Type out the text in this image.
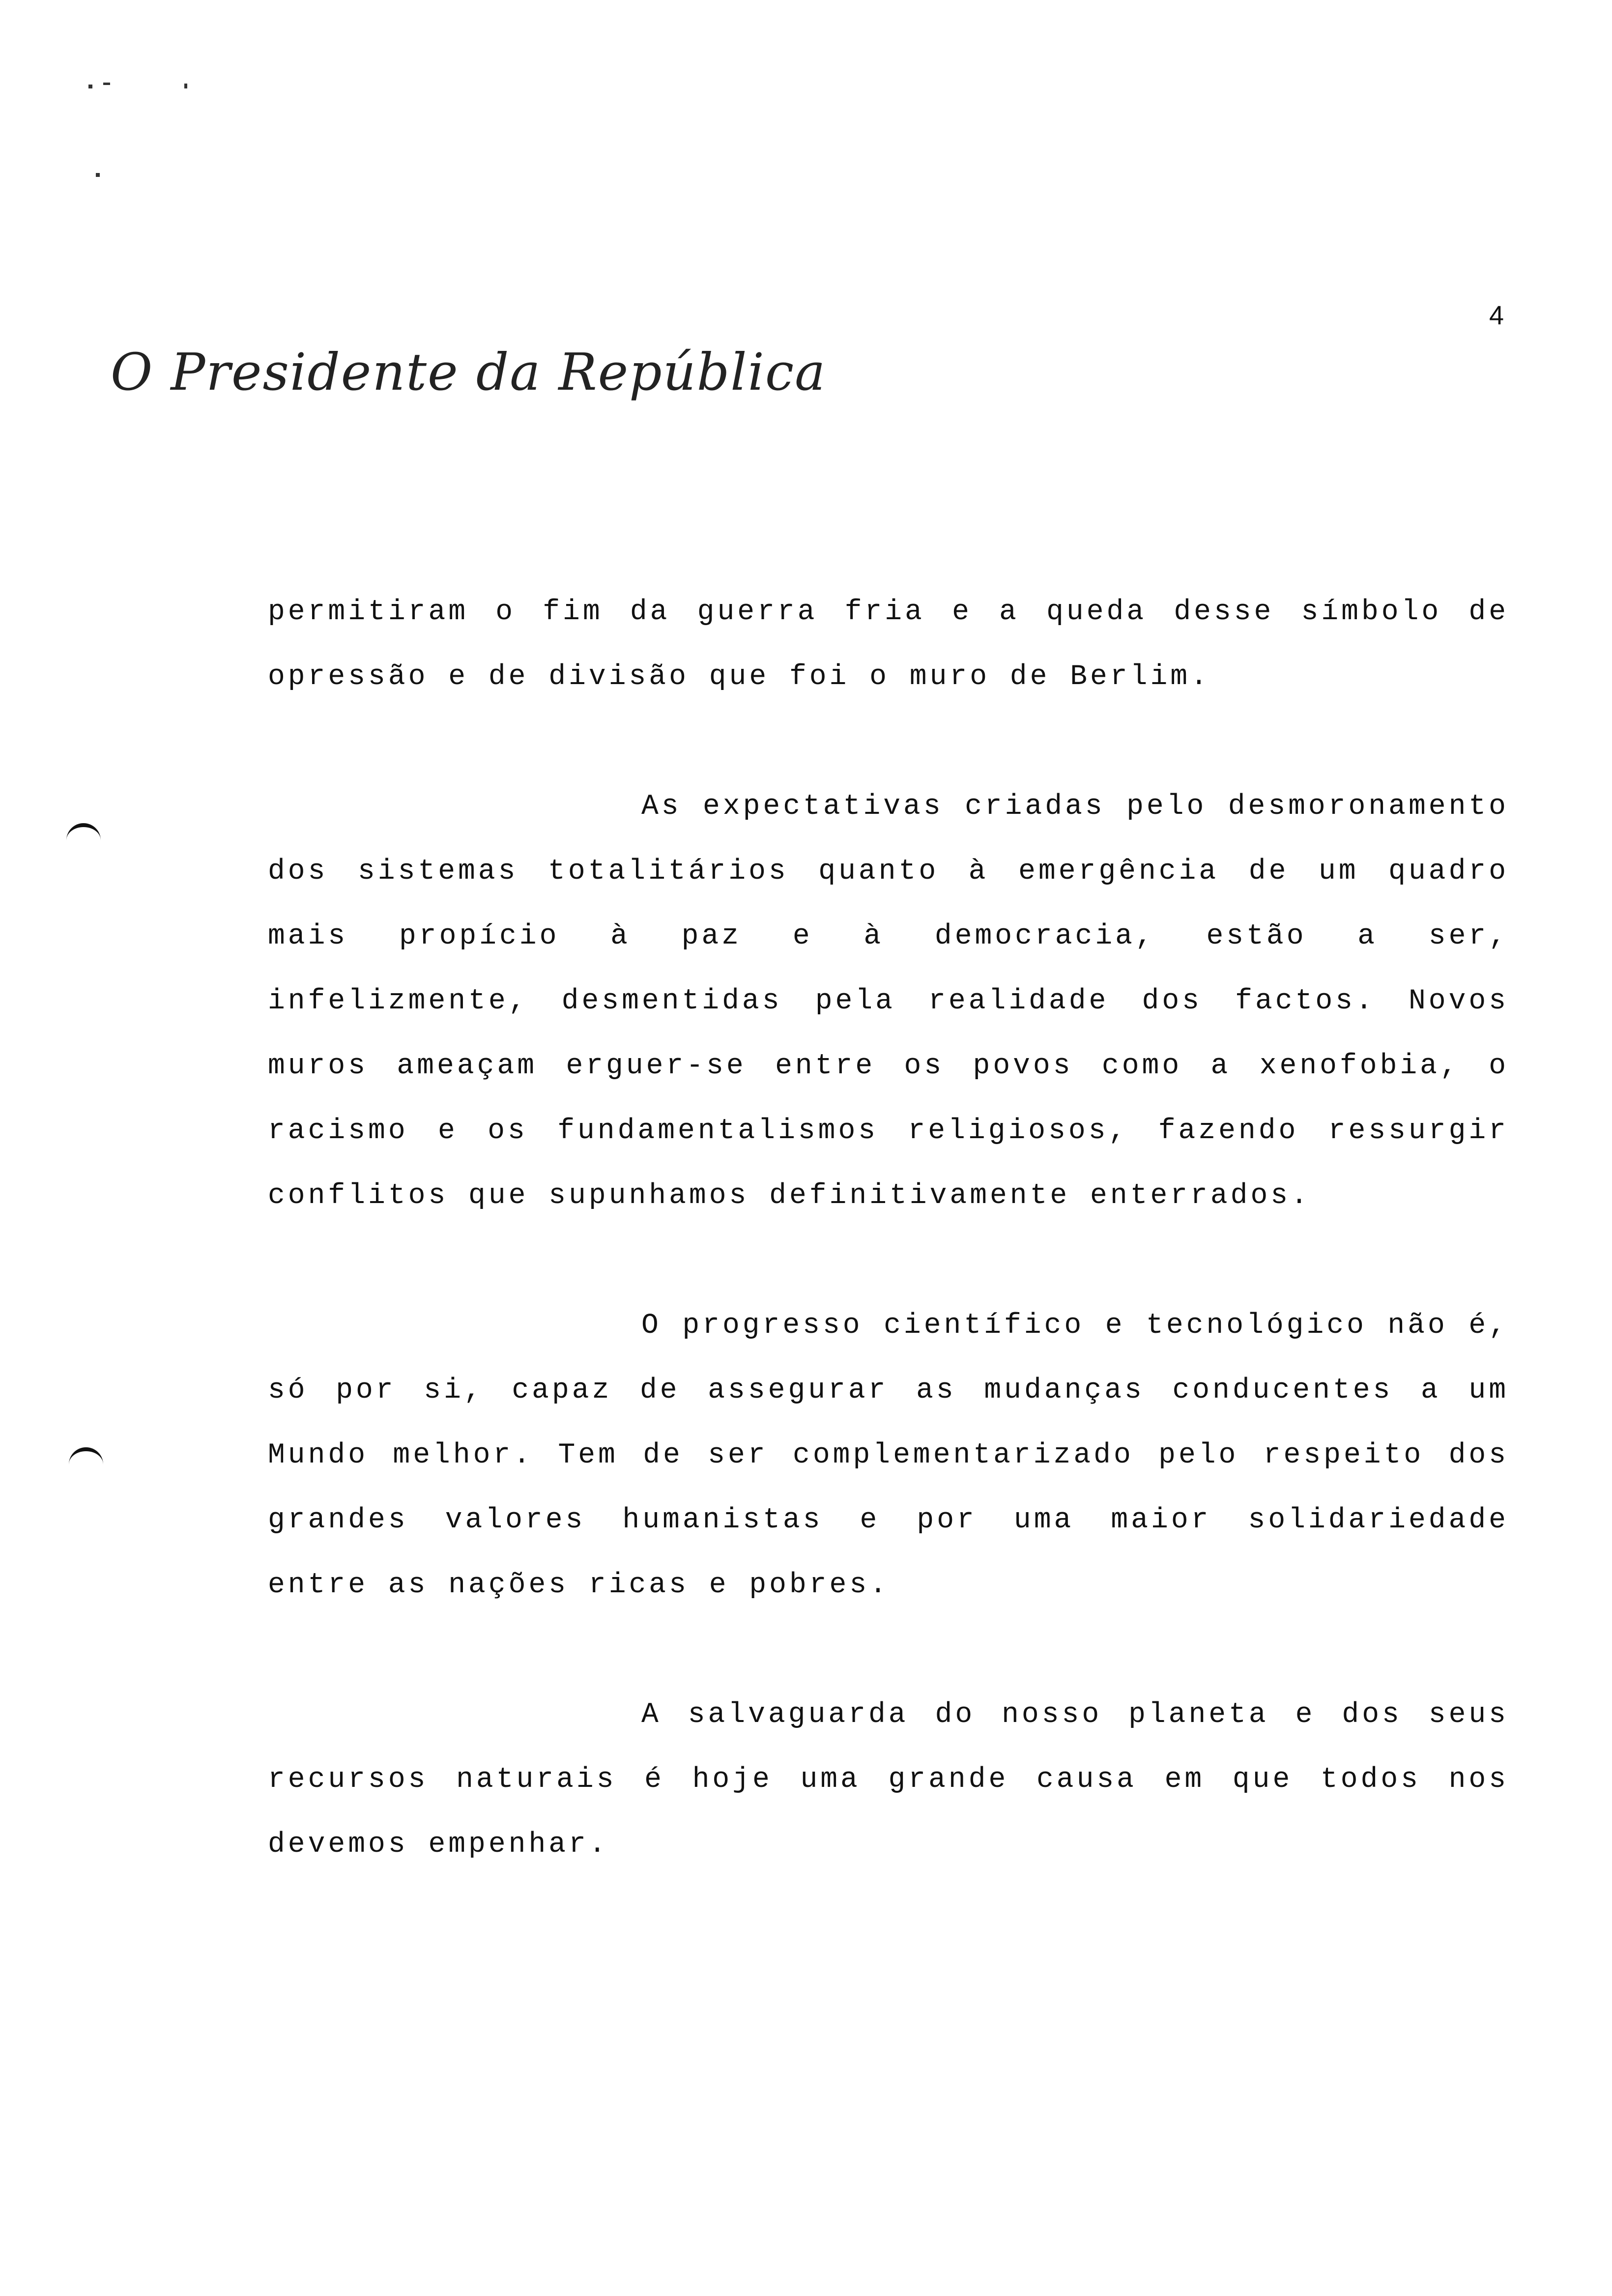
4
O Presidente da República

permitiram o fim da guerra fria e a queda desse símbolo de opressão e de divisão que foi o muro de Berlim.

As expectativas criadas pelo desmoronamento dos sistemas totalitários quanto à emergência de um quadro mais propício à paz e à democracia, estão a ser, infelizmente, desmentidas pela realidade dos factos. Novos muros ameaçam erguer-se entre os povos como a xenofobia, o racismo e os fundamentalismos religiosos, fazendo ressurgir conflitos que supunhamos definitivamente enterrados.

O progresso científico e tecnológico não é, só por si, capaz de assegurar as mudanças conducentes a um Mundo melhor. Tem de ser complementarizado pelo respeito dos grandes valores humanistas e por uma maior solidariedade entre as nações ricas e pobres.

A salvaguarda do nosso planeta e dos seus recursos naturais é hoje uma grande causa em que todos nos devemos empenhar.
